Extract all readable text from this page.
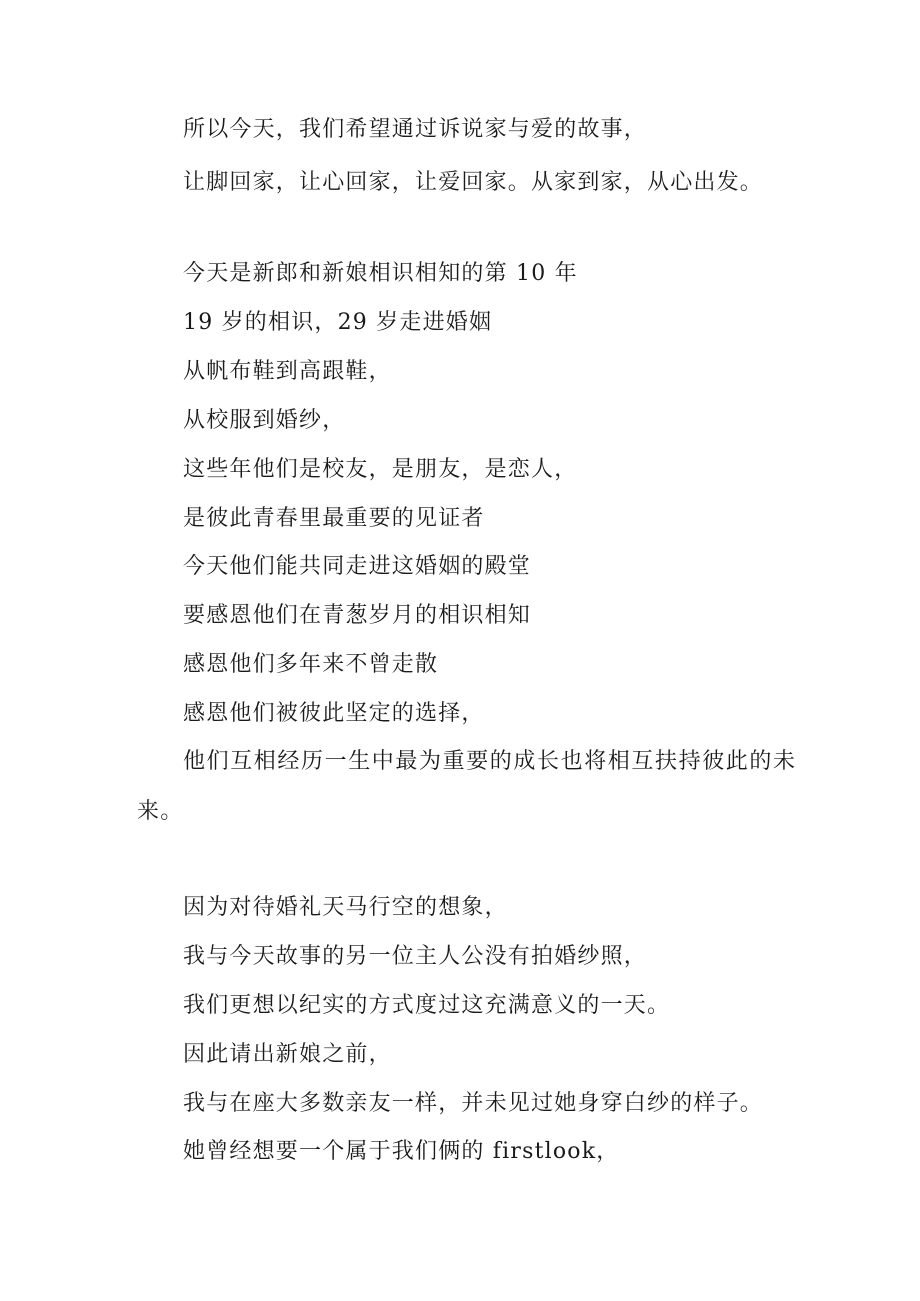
所以今天，我们希望通过诉说家与爱的故事，
让脚回家，让心回家，让爱回家。从家到家，从心出发。
今天是新郎和新娘相识相知的第 10 年
19 岁的相识，29 岁走进婚姻
从帆布鞋到高跟鞋，
从校服到婚纱，
这些年他们是校友，是朋友，是恋人，
是彼此青春里最重要的见证者
今天他们能共同走进这婚姻的殿堂
要感恩他们在青葱岁月的相识相知
感恩他们多年来不曾走散
感恩他们被彼此坚定的选择，
他们互相经历一生中最为重要的成长也将相互扶持彼此的未
来。
因为对待婚礼天马行空的想象，
我与今天故事的另一位主人公没有拍婚纱照，
我们更想以纪实的方式度过这充满意义的一天。
因此请出新娘之前，
我与在座大多数亲友一样，并未见过她身穿白纱的样子。
她曾经想要一个属于我们俩的 firstlook，
